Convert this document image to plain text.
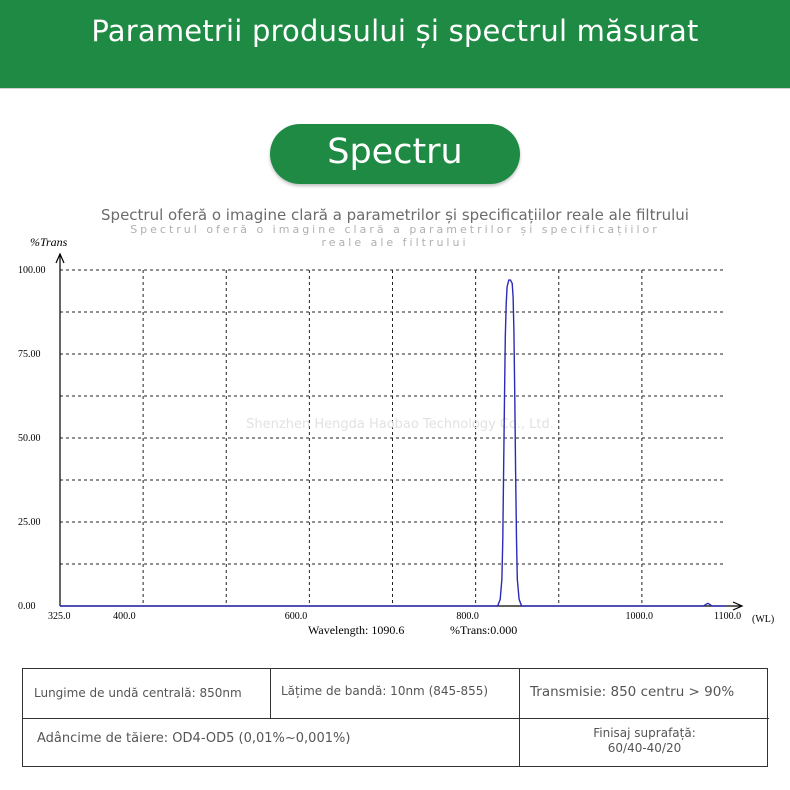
Parametrii produsului și spectrul măsurat
Spectru
Spectrul oferă o imagine clară a parametrilor și specificațiilor reale ale filtrului
Spectrul oferă o imagine clară a parametrilor și specificațiilor reale ale filtrului
%Trans
100.00
75.00
50.00
25.00
0.00
325.0	400.0	600.0	800.0	1000.0	1100.0 (WL)
Shenzhen Hengda Haobao Technology Co., Ltd.
Wavelength: 1090.6	%Trans:0.000
Lungime de undă centrală: 850nm	Lățime de bandă: 10nm (845-855)	Transmisie: 850 centru > 90%
Adâncime de tăiere: OD4-OD5 (0,01%~0,001%)	Finisaj suprafață:
60/40-40/20
